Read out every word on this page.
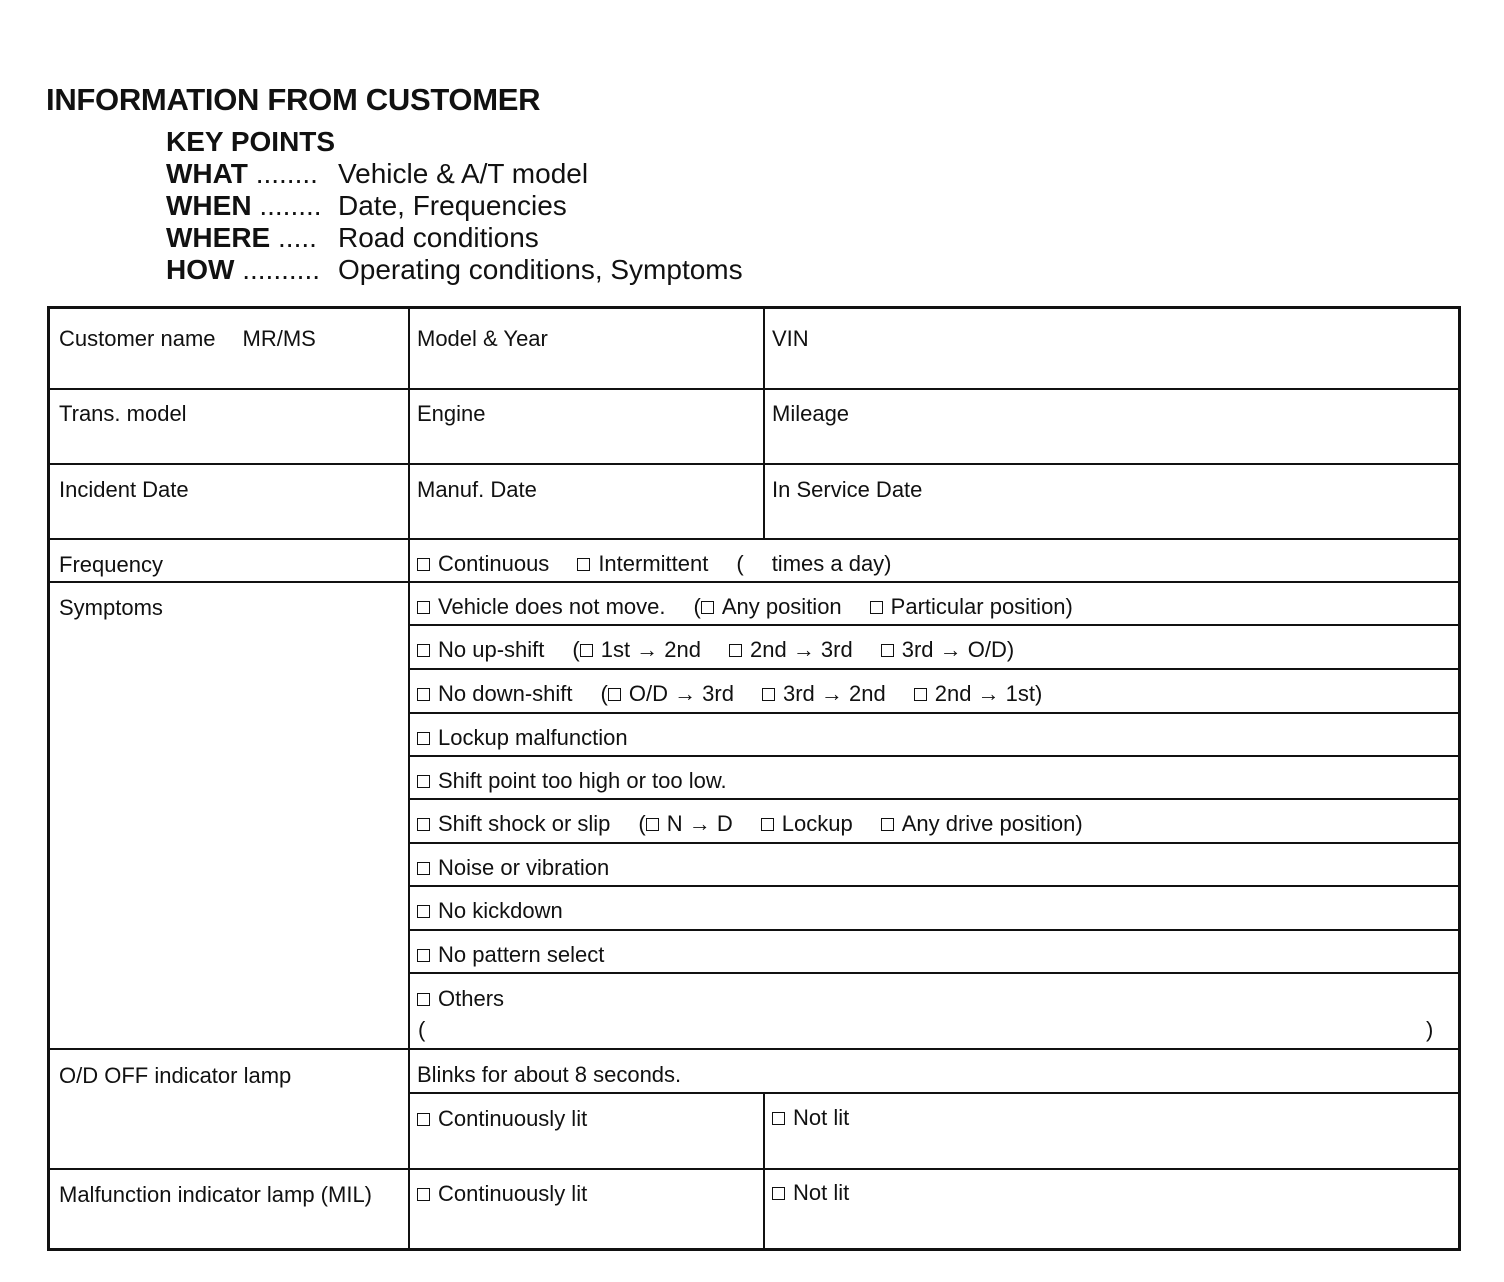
INFORMATION FROM CUSTOMER
KEY POINTS
WHAT ........ Vehicle & A/T model
WHEN ........ Date, Frequencies
WHERE ..... Road conditions
HOW .......... Operating conditions, Symptoms
Customer name MR/MS	Model & Year	VIN
Trans. model	Engine	Mileage
Incident Date	Manuf. Date	In Service Date
Frequency	Continuous Intermittent ( times a day)
Symptoms	Vehicle does not move. ( Any position Particular position)
No up-shift ( 1st → 2nd 2nd → 3rd 3rd → O/D)
No down-shift ( O/D → 3rd 3rd → 2nd 2nd → 1st)
Lockup malfunction
Shift point too high or too low.
Shift shock or slip ( N → D Lockup Any drive position)
Noise or vibration
No kickdown
No pattern select
Others
(	)
O/D OFF indicator lamp	Blinks for about 8 seconds.
Continuously lit	Not lit
Malfunction indicator lamp (MIL)	Continuously lit	Not lit
